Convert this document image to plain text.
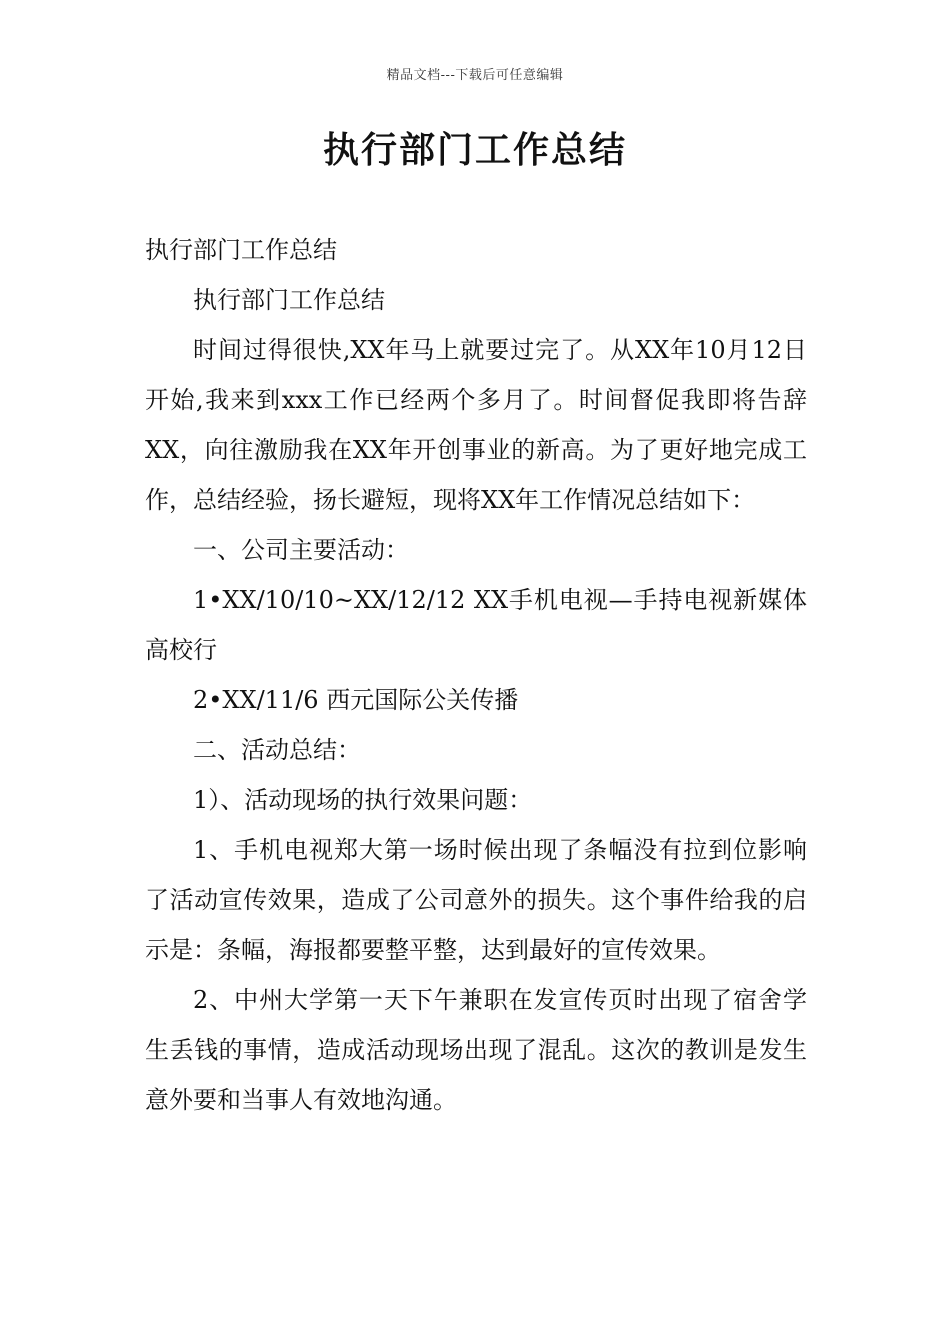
精品文档---下载后可任意编辑
执行部门工作总结

执行部门工作总结

执行部门工作总结

时间过得很快,XX年马上就要过完了。从XX年10月12日开始,我来到xxx工作已经两个多月了。时间督促我即将告辞XX，向往激励我在XX年开创事业的新高。为了更好地完成工作，总结经验，扬长避短，现将XX年工作情况总结如下：

一、公司主要活动：

1•XX/10/10~XX/12/12 XX手机电视—手持电视新媒体高校行

2•XX/11/6 西元国际公关传播

二、活动总结：

1）、活动现场的执行效果问题：

1、手机电视郑大第一场时候出现了条幅没有拉到位影响了活动宣传效果，造成了公司意外的损失。这个事件给我的启示是：条幅，海报都要整平整，达到最好的宣传效果。

2、中州大学第一天下午兼职在发宣传页时出现了宿舍学生丢钱的事情，造成活动现场出现了混乱。这次的教训是发生意外要和当事人有效地沟通。
